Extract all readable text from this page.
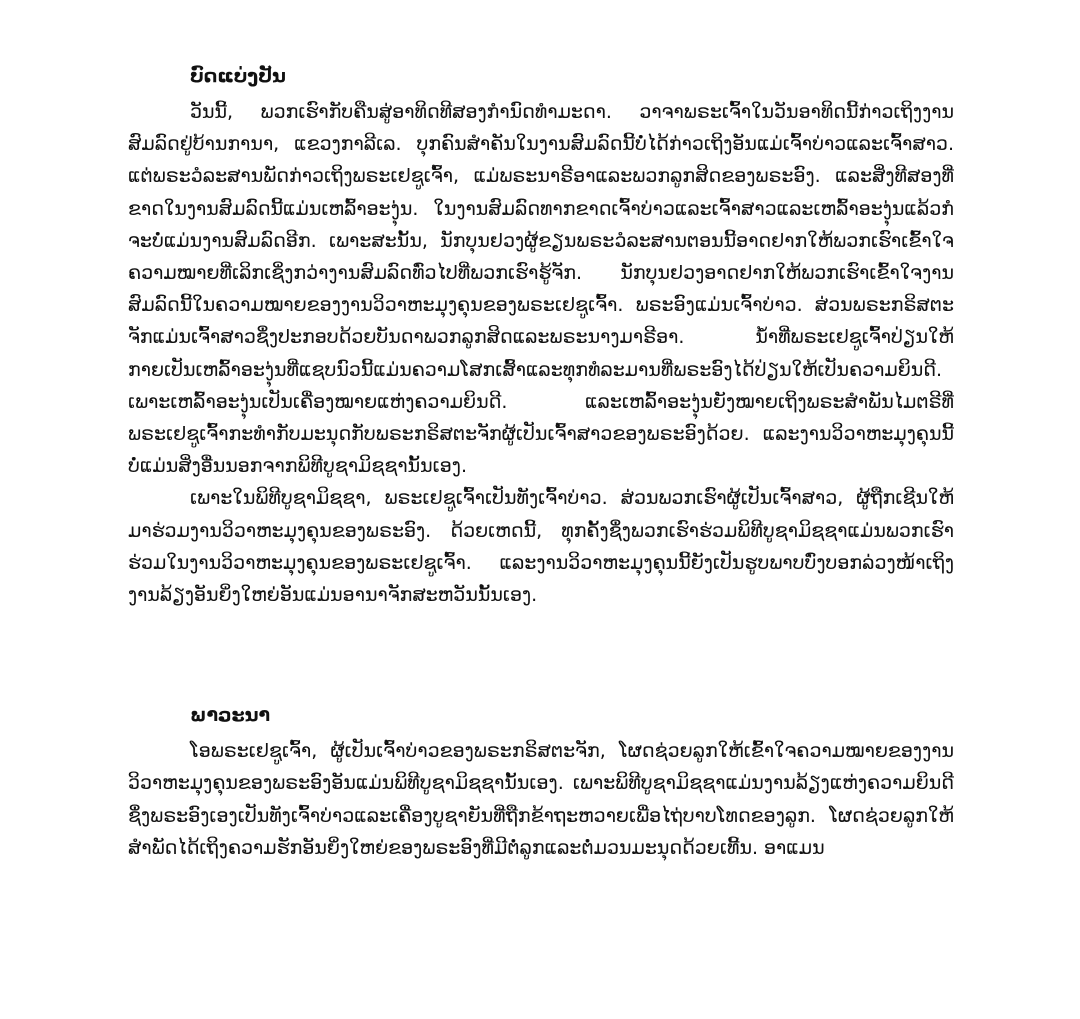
ບົດແບ່ງປັນ

ວັນນີ້, ພວກເຮົາກັບຄືນສູ່ອາທິດທີສອງກໍານົດທໍາມະດາ. ວາຈາພຣະເຈົ້າໃນວັນອາທິດນີ້ກ່າວເຖິງງານສົມລົດຢູ່ບ້ານການາ, ແຂວງກາລີເລ. ບຸກຄົນສໍາຄັນໃນງານສົມລົດນີ້ບໍ່ໄດ້ກ່າວເຖິງອັນແມ່ເຈົ້າບ່າວແລະເຈົ້າສາວ. ແຕ່ພຣະວໍລະສານພັດກ່າວເຖິງພຣະເຢຊູເຈົ້າ, ແມ່ພຣະນາຣີອາແລະພວກລູກສິດຂອງພຣະອົງ. ແລະສິ່ງທີສອງທີ່ຂາດໃນງານສົມລົດນີ້ແມ່ນເຫລົ້າອະງຸ່ນ. ໃນງານສົມລົດທາກຂາດເຈົ້າບ່າວແລະເຈົ້າສາວແລະເຫລົ້າອະງຸ່ນແລ້ວກໍຈະບໍ່ແມ່ນງານສົມລົດອີກ. ເພາະສະນັ້ນ, ນັກບຸນຢວງຜູ້ຂຽນພຣະວໍລະສານຕອນນີ້ອາດຢາກໃຫ້ພວກເຮົາເຂົ້າໃຈຄວາມໝາຍທີ່ເລິກເຊິ່ງກວ່າງານສົມລົດທົ່ວໄປທີ່ພວກເຮົາຮູ້ຈັກ. ນັກບຸນຢວງອາດຢາກໃຫ້ພວກເຮົາເຂົ້າໃຈງານສົມລົດນີ້ໃນຄວາມໝາຍຂອງງານວິວາຫະມຸງຄຸນຂອງພຣະເຢຊູເຈົ້າ. ພຣະອົງແມ່ນເຈົ້າບ່າວ. ສ່ວນພຣະກຣິສຕະຈັກແມ່ນເຈົ້າສາວຊຶ່ງປະກອບດ້ວຍບັນດາພວກລູກສິດແລະພຣະນາງມາຣີອາ. ນໍ້າທີ່ພຣະເຢຊູເຈົ້າປ່ຽນໃຫ້ກາຍເປັນເຫລົ້າອະງຸ່ນທີ່ແຊບນົວນີ້ແມ່ນຄວາມໂສກເສົ້າແລະທຸກທໍລະມານທີ່ພຣະອົງໄດ້ປ່ຽນໃຫ້ເປັນຄວາມຍິນດີ. ເພາະເຫລົ້າອະງຸ່ນເປັນເຄື່ອງໝາຍແຫ່ງຄວາມຍິນດີ. ແລະເຫລົ້າອະງຸ່ນຍັງໝາຍເຖິງພຣະສໍາພັນໄມຕຣີທີ່ພຣະເຢຊູເຈົ້າກະທໍາກັບມະນຸດກັບພຣະກຣິສຕະຈັກຜູ້ເປັນເຈົ້າສາວຂອງພຣະອົງດ້ວຍ. ແລະງານວິວາຫະມຸງຄຸນນີ້ບໍ່ແມ່ນສິ່ງອື່ນນອກຈາກພິທີບູຊາມິຊຊານັ້ນເອງ.

ເພາະໃນພິທີບູຊາມິຊຊາ, ພຣະເຢຊູເຈົ້າເປັນທັງເຈົ້າບ່າວ. ສ່ວນພວກເຮົາຜູ້ເປັນເຈົ້າສາວ, ຜູ້ຖືກເຊີນໃຫ້ມາຮ່ວມງານວິວາຫະມຸງຄຸນຂອງພຣະອົງ. ດ້ວຍເຫດນີ້, ທຸກຄັ້ງຊຶ່ງພວກເຮົາຮ່ວມພິທີບູຊາມິຊຊາແມ່ນພວກເຮົາຮ່ວມໃນງານວິວາຫະມຸງຄຸນຂອງພຣະເຢຊູເຈົ້າ. ແລະງານວິວາຫະມຸງຄຸນນີ້ຍັງເປັນຮູບພາບບົ່ງບອກລ່ວງໜ້າເຖິງງານລ້ຽງອັນຍິ່ງໃຫຍ່ອັນແມ່ນອານາຈັກສະຫວັນນັ້ນເອງ.

ພາວະນາ

ໂອພຣະເຢຊູເຈົ້າ, ຜູ້ເປັນເຈົ້າບ່າວຂອງພຣະກຣິສຕະຈັກ, ໂຜດຊ່ວຍລູກໃຫ້ເຂົ້າໃຈຄວາມໝາຍຂອງງານວິວາຫະມຸງຄຸນຂອງພຣະອົງອັນແມ່ນພິທີບູຊາມິຊຊານັ້ນເອງ. ເພາະພິທີບູຊາມິຊຊາແມ່ນງານລ້ຽງແຫ່ງຄວາມຍິນດີຊຶ່ງພຣະອົງເອງເປັນທັງເຈົ້າບ່າວແລະເຄື່ອງບູຊາຍັນທີ່ຖືກຂ້າຖະຫວາຍເພື່ອໄຖ່ບາບໂທດຂອງລູກ. ໂຜດຊ່ວຍລູກໃຫ້ສໍາພັດໄດ້ເຖິງຄວາມຮັກອັນຍິ່ງໃຫຍ່ຂອງພຣະອົງທີ່ມີຕໍ່ລູກແລະຕໍ່ມວນມະນຸດດ້ວຍເທີ້ນ. ອາແມນ
